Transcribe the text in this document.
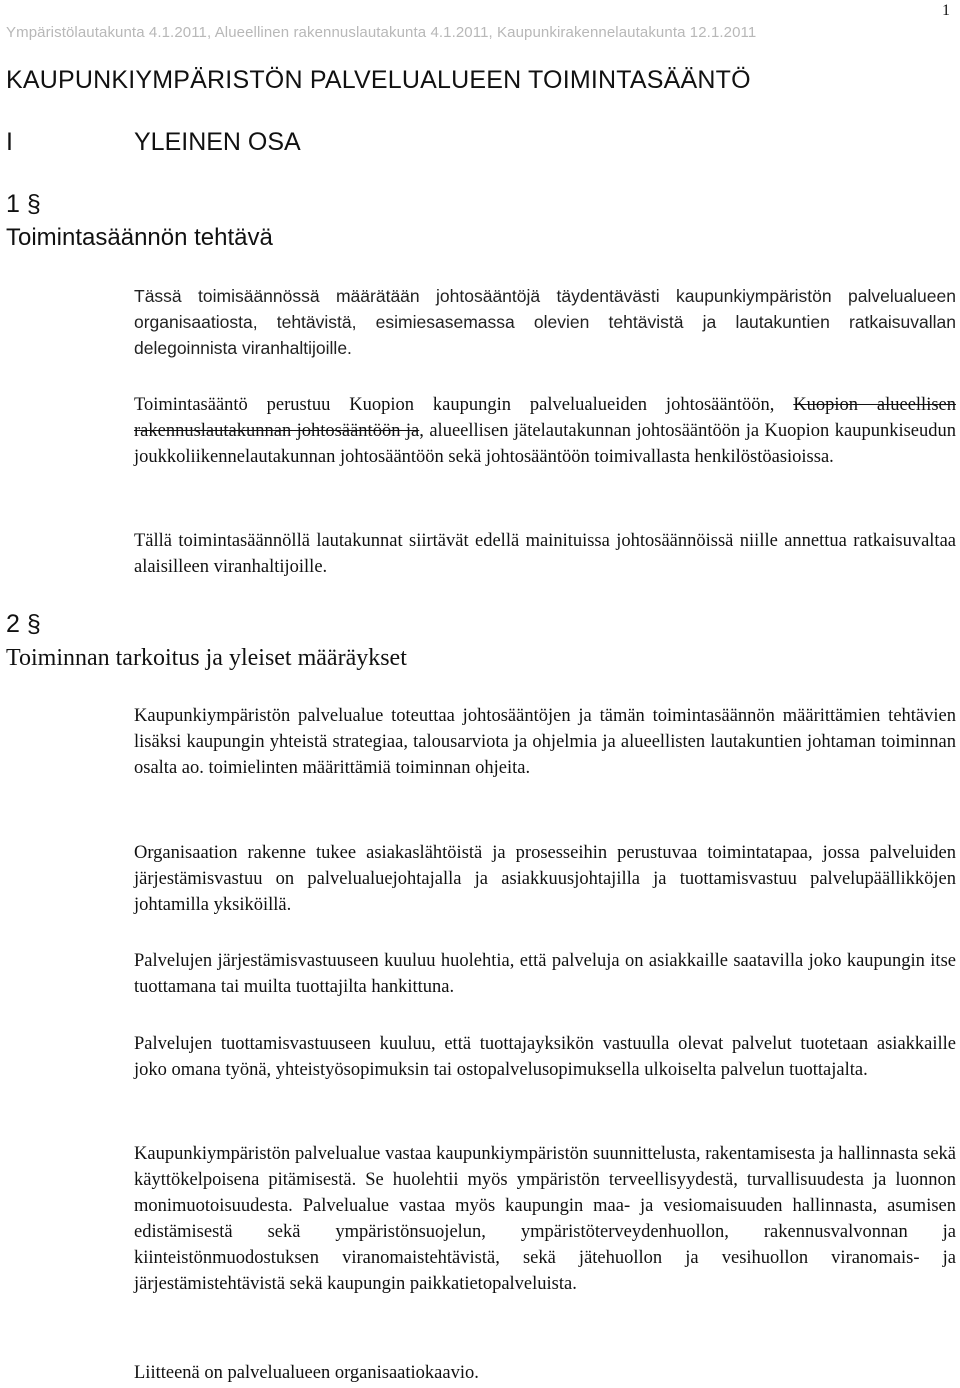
Ympäristölautakunta 4.1.2011, Alueellinen rakennuslautakunta 4.1.2011, Kaupunkirakennelautakunta 12.1.2011
1
KAUPUNKIYMPÄRISTÖN PALVELUALUEEN TOIMINTASÄÄNTÖ
I	YLEINEN OSA
1 §
Toimintasäännön tehtävä

Tässä toimisäännössä määrätään johtosääntöjä täydentävästi kaupunkiympäristön palvelualueen organisaatiosta, tehtävistä, esimiesasemassa olevien tehtävistä ja lautakuntien ratkaisuvallan delegoinnista viranhaltijoille.

Toimintasääntö perustuu Kuopion kaupungin palvelualueiden johtosääntöön, Kuopion alueellisen rakennuslautakunnan johtosääntöön ja, alueellisen jätelautakunnan johtosääntöön ja Kuopion kaupunkiseudun joukkoliikennelautakunnan johtosääntöön sekä johtosääntöön toimivallasta henkilöstöasioissa.

Tällä toimintasäännöllä lautakunnat siirtävät edellä mainituissa johtosäännöissä niille annettua ratkaisuvaltaa alaisilleen viranhaltijoille.

2 §
Toiminnan tarkoitus ja yleiset määräykset

Kaupunkiympäristön palvelualue toteuttaa johtosääntöjen ja tämän toimintasäännön määrittämien tehtävien lisäksi kaupungin yhteistä strategiaa, talousarviota ja ohjelmia ja alueellisten lautakuntien johtaman toiminnan osalta ao. toimielinten määrittämiä toiminnan ohjeita.

Organisaation rakenne tukee asiakaslähtöistä ja prosesseihin perustuvaa toimintatapaa, jossa palveluiden järjestämisvastuu on palvelualuejohtajalla ja asiakkuusjohtajilla ja tuottamisvastuu palvelupäällikköjen johtamilla yksiköillä.

Palvelujen järjestämisvastuuseen kuuluu huolehtia, että palveluja on asiakkaille saatavilla joko kaupungin itse tuottamana tai muilta tuottajilta hankittuna.

Palvelujen tuottamisvastuuseen kuuluu, että tuottajayksikön vastuulla olevat palvelut tuotetaan asiakkaille joko omana työnä, yhteistyösopimuksin tai ostopalvelusopimuksella ulkoiselta palvelun tuottajalta.

Kaupunkiympäristön palvelualue vastaa kaupunkiympäristön suunnittelusta, rakentamisesta ja hallinnasta sekä käyttökelpoisena pitämisestä. Se huolehtii myös ympäristön terveellisyydestä, turvallisuudesta ja luonnon monimuotoisuudesta. Palvelualue vastaa myös kaupungin maa- ja vesiomaisuuden hallinnasta, asumisen edistämisestä sekä ympäristönsuojelun, ympäristöterveydenhuollon, rakennusvalvonnan ja kiinteistönmuodostuksen viranomaistehtävistä, sekä jätehuollon ja vesihuollon viranomais- ja järjestämistehtävistä sekä kaupungin paikkatietopalveluista.

Liitteenä on palvelualueen organisaatiokaavio.
